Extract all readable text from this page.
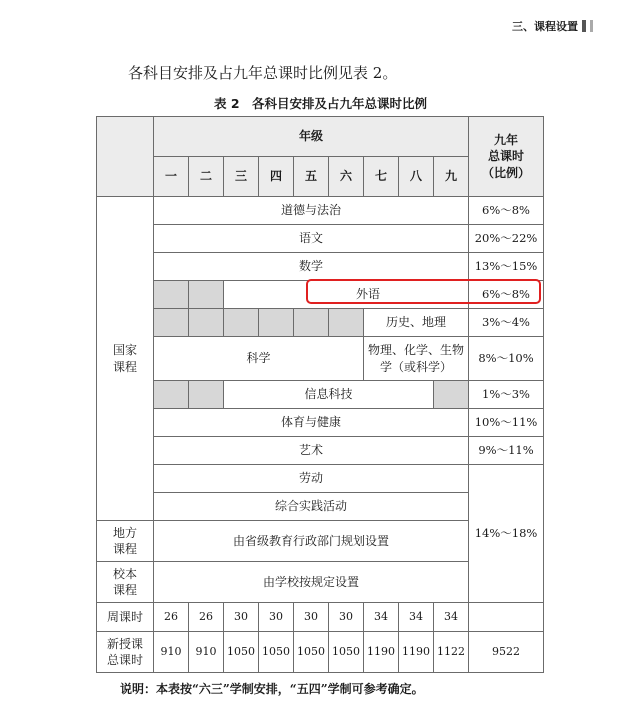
三、课程设置
各科目安排及占九年总课时比例见表 2。
表 2　各科目安排及占九年总课时比例
	年级									九年
总课时
（比例）

	一	二	三	四	五	六	七	八	九	

国家
课程	道德与法治									6%～8%
	语文									20%～22%
	数学									13%～15%
			外语							6%～8%
							历史、地理			3%～4%
	科学						物理、化学、生物
学（或科学）			8%～10%
			信息科技							1%～3%
	体育与健康									10%～11%
	艺术									9%～11%
	劳动									14%～18%
	综合实践活动									

地方
课程	由省级教育行政部门规划设置									

校本
课程	由学校按规定设置									
周课时	26	26	30	30	30	30	34	34	34	

新授课
总课时	910	910	1050	1050	1050	1050	1190	1190	1122	9522
说明：本表按“六三”学制安排，“五四”学制可参考确定。
